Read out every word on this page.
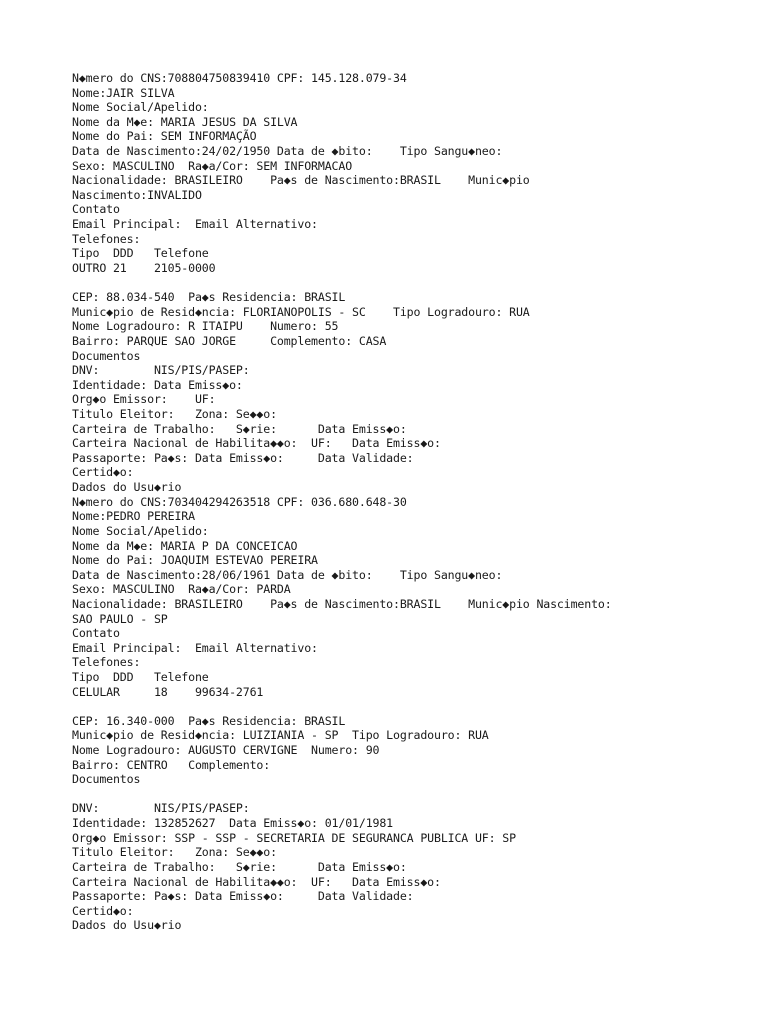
N◆mero do CNS:708804750839410 CPF: 145.128.079-34
Nome:JAIR SILVA
Nome Social/Apelido:
Nome da M◆e: MARIA JESUS DA SILVA
Nome do Pai: SEM INFORMAÇÃO
Data de Nascimento:24/02/1950 Data de ◆bito:    Tipo Sangu◆neo:
Sexo: MASCULINO  Ra◆a/Cor: SEM INFORMACAO
Nacionalidade: BRASILEIRO    Pa◆s de Nascimento:BRASIL    Munic◆pio
Nascimento:INVALIDO
Contato
Email Principal:  Email Alternativo:
Telefones:
Tipo  DDD   Telefone
OUTRO 21    2105-0000
CEP: 88.034-540  Pa◆s Residencia: BRASIL
Munic◆pio de Resid◆ncia: FLORIANOPOLIS - SC    Tipo Logradouro: RUA
Nome Logradouro: R ITAIPU    Numero: 55
Bairro: PARQUE SAO JORGE     Complemento: CASA
Documentos
DNV:        NIS/PIS/PASEP:
Identidade: Data Emiss◆o:
Org◆o Emissor:    UF:
Titulo Eleitor:   Zona: Se◆◆o:
Carteira de Trabalho:   S◆rie:      Data Emiss◆o:
Carteira Nacional de Habilita◆◆o:  UF:   Data Emiss◆o:
Passaporte: Pa◆s: Data Emiss◆o:     Data Validade:
Certid◆o:
Dados do Usu◆rio
N◆mero do CNS:703404294263518 CPF: 036.680.648-30
Nome:PEDRO PEREIRA
Nome Social/Apelido:
Nome da M◆e: MARIA P DA CONCEICAO
Nome do Pai: JOAQUIM ESTEVAO PEREIRA
Data de Nascimento:28/06/1961 Data de ◆bito:    Tipo Sangu◆neo:
Sexo: MASCULINO  Ra◆a/Cor: PARDA
Nacionalidade: BRASILEIRO    Pa◆s de Nascimento:BRASIL    Munic◆pio Nascimento:
SAO PAULO - SP
Contato
Email Principal:  Email Alternativo:
Telefones:
Tipo  DDD   Telefone
CELULAR     18    99634-2761
CEP: 16.340-000  Pa◆s Residencia: BRASIL
Munic◆pio de Resid◆ncia: LUIZIANIA - SP  Tipo Logradouro: RUA
Nome Logradouro: AUGUSTO CERVIGNE  Numero: 90
Bairro: CENTRO   Complemento:
Documentos
DNV:        NIS/PIS/PASEP:
Identidade: 132852627  Data Emiss◆o: 01/01/1981
Org◆o Emissor: SSP - SSP - SECRETARIA DE SEGURANCA PUBLICA UF: SP
Titulo Eleitor:   Zona: Se◆◆o:
Carteira de Trabalho:   S◆rie:      Data Emiss◆o:
Carteira Nacional de Habilita◆◆o:  UF:   Data Emiss◆o:
Passaporte: Pa◆s: Data Emiss◆o:     Data Validade:
Certid◆o:
Dados do Usu◆rio
